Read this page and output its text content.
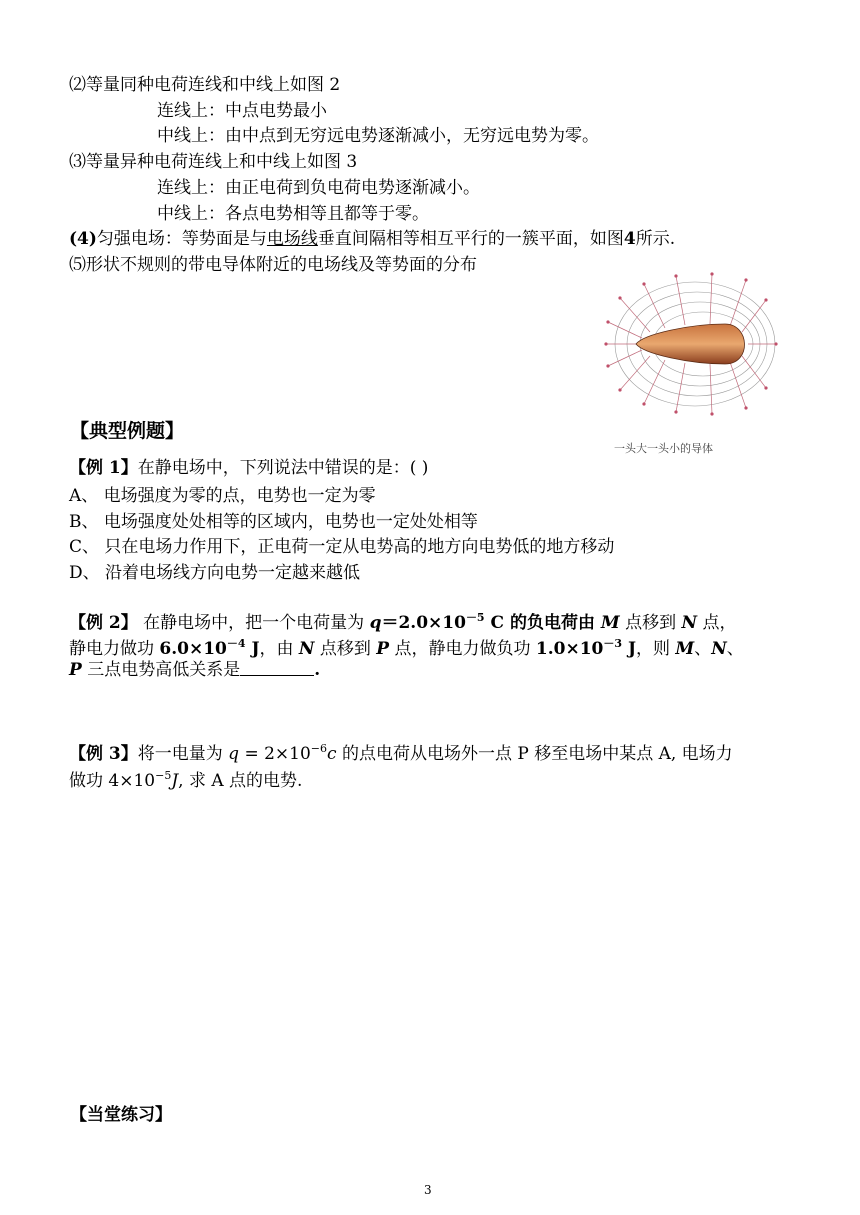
⑵等量同种电荷连线和中线上如图 2
连线上：中点电势最小
中线上：由中点到无穷远电势逐渐减小，无穷远电势为零。
⑶等量异种电荷连线上和中线上如图 3
连线上：由正电荷到负电荷电势逐渐减小。
中线上：各点电势相等且都等于零。
(4)匀强电场：等势面是与电场线垂直间隔相等相互平行的一簇平面，如图4所示.
⑸形状不规则的带电导体附近的电场线及等势面的分布
一头大一头小的导体
【典型例题】
【例 1】在静电场中，下列说法中错误的是：( )
A、 电场强度为零的点，电势也一定为零
B、 电场强度处处相等的区域内，电势也一定处处相等
C、 只在电场力作用下，正电荷一定从电势高的地方向电势低的地方移动
D、 沿着电场线方向电势一定越来越低
【例 2】 在静电场中，把一个电荷量为 $q=2.0\times 10^{-5}$ C 的负电荷由 M 点移到 N 点，
静电力做功 $6.0\times 10^{-4}$ J，由 N 点移到 P 点，静电力做负功 $1.0\times 10^{-3}$ J，则 M、N、
P 三点电势高低关系是	.
【例 3】将一电量为 $q = 2\times 10^{-6}c$ 的点电荷从电场外一点 P 移至电场中某点 A, 电场力
做功 $4\times 10^{-5}J$, 求 A 点的电势.
【当堂练习】
3
